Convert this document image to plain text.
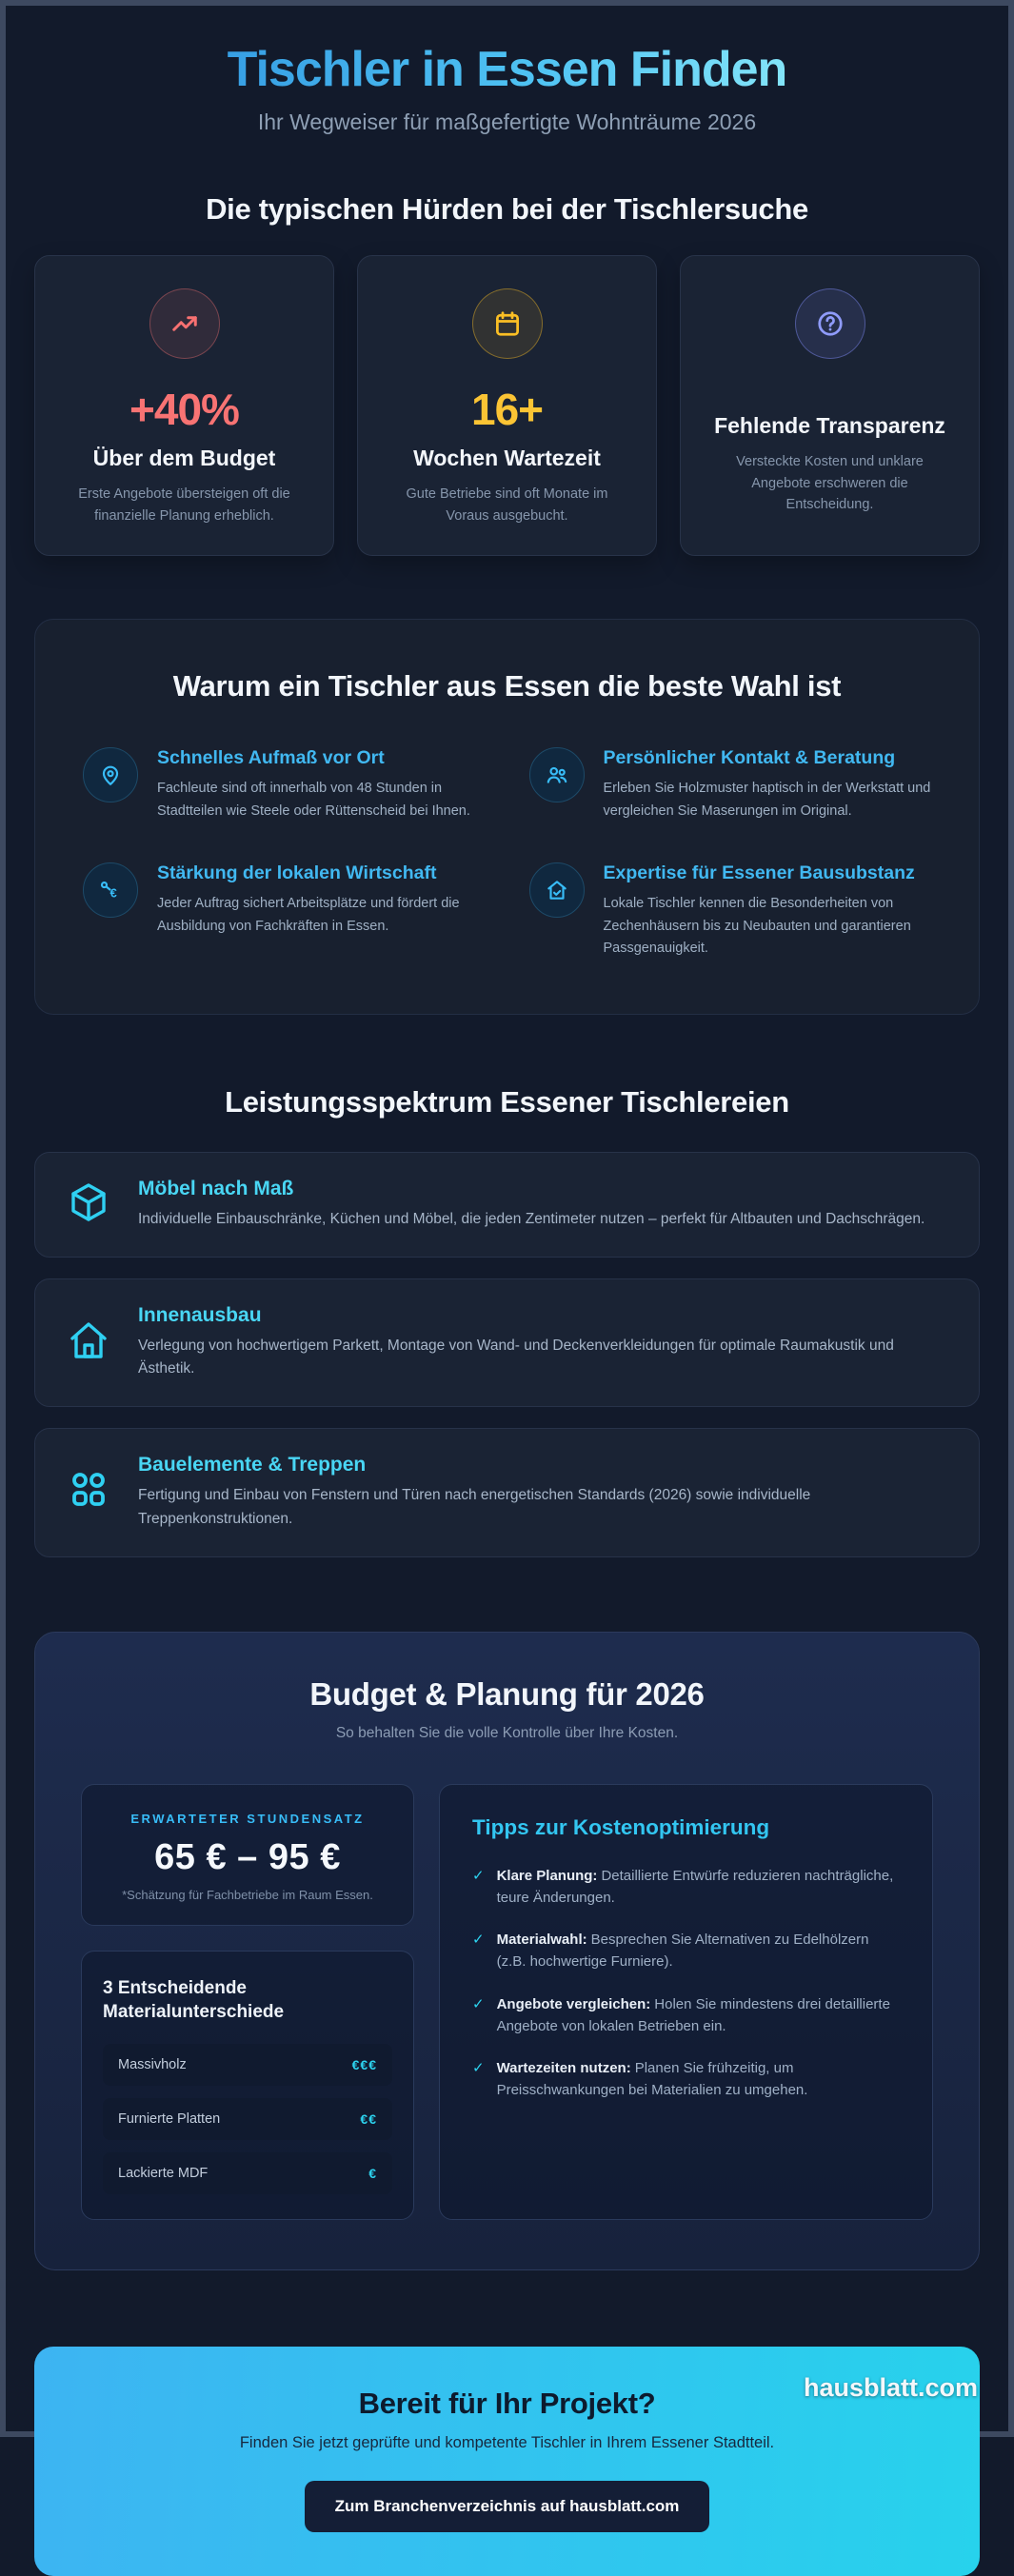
Tischler in Essen Finden
Ihr Wegweiser für maßgefertigte Wohnträume 2026
Die typischen Hürden bei der Tischlersuche
+40%
Über dem Budget
Erste Angebote übersteigen oft die finanzielle Planung erheblich.
16+
Wochen Wartezeit
Gute Betriebe sind oft Monate im Voraus ausgebucht.
Fehlende Transparenz
Versteckte Kosten und unklare Angebote erschweren die Entscheidung.
Warum ein Tischler aus Essen die beste Wahl ist
Schnelles Aufmaß vor Ort
Fachleute sind oft innerhalb von 48 Stunden in Stadtteilen wie Steele oder Rüttenscheid bei Ihnen.
Persönlicher Kontakt & Beratung
Erleben Sie Holzmuster haptisch in der Werkstatt und vergleichen Sie Maserungen im Original.
€
Stärkung der lokalen Wirtschaft
Jeder Auftrag sichert Arbeitsplätze und fördert die Ausbildung von Fachkräften in Essen.
Expertise für Essener Bausubstanz
Lokale Tischler kennen die Besonderheiten von Zechenhäusern bis zu Neubauten und garantieren Passgenauigkeit.
Leistungsspektrum Essener Tischlereien
Möbel nach Maß
Individuelle Einbauschränke, Küchen und Möbel, die jeden Zentimeter nutzen – perfekt für Altbauten und Dachschrägen.
Innenausbau
Verlegung von hochwertigem Parkett, Montage von Wand- und Deckenverkleidungen für optimale Raumakustik und Ästhetik.
Bauelemente & Treppen
Fertigung und Einbau von Fenstern und Türen nach energetischen Standards (2026) sowie individuelle Treppenkonstruktionen.
Budget & Planung für 2026
So behalten Sie die volle Kontrolle über Ihre Kosten.
ERWARTETER STUNDENSATZ
65 € – 95 €
*Schätzung für Fachbetriebe im Raum Essen.
3 Entscheidende Materialunterschiede
Massivholz	€€€
Furnierte Platten	€€
Lackierte MDF	€
Tipps zur Kostenoptimierung
✓ Klare Planung: Detaillierte Entwürfe reduzieren nachträgliche, teure Änderungen.
✓ Materialwahl: Besprechen Sie Alternativen zu Edelhölzern (z.B. hochwertige Furniere).
✓ Angebote vergleichen: Holen Sie mindestens drei detaillierte Angebote von lokalen Betrieben ein.
✓ Wartezeiten nutzen: Planen Sie frühzeitig, um Preisschwankungen bei Materialien zu umgehen.
Bereit für Ihr Projekt?
Finden Sie jetzt geprüfte und kompetente Tischler in Ihrem Essener Stadtteil.
Zum Branchenverzeichnis auf hausblatt.com
hausblatt.com
